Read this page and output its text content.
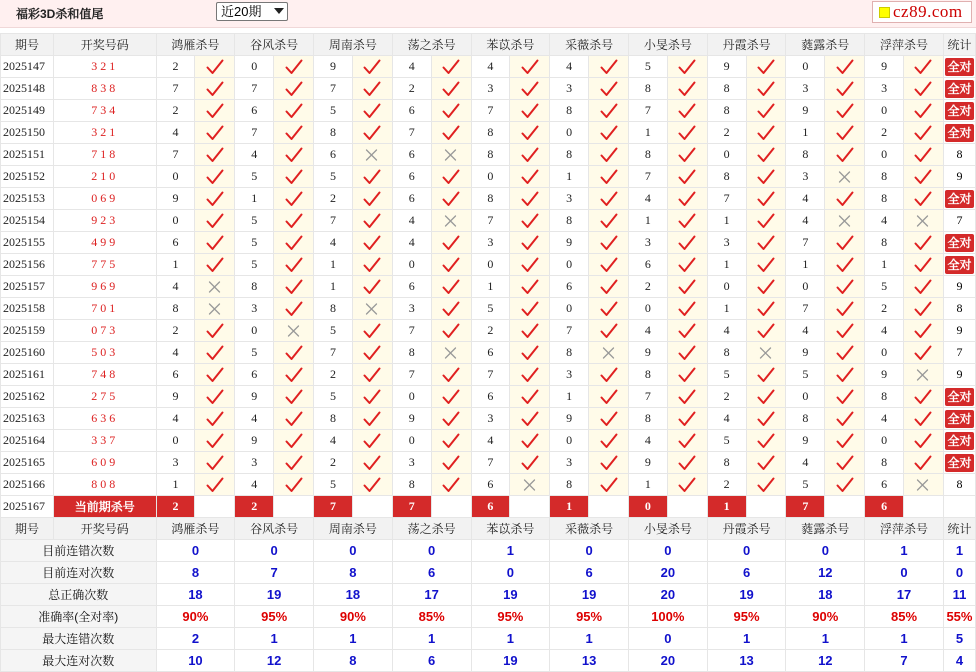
福彩3D杀和值尾	近20期	cz89.com
期号	开奖号码	鸿雁杀号		谷风杀号		周南杀号		荡之杀号		苯苡杀号		采薇杀号		小旻杀号		丹霞杀号		蕤露杀号		浮萍杀号		统计
2025147	321	2		0		9		4		4		4		5		9		0		9		全对
2025148	838	7		7		7		2		3		3		8		8		3		3		全对
2025149	734	2		6		5		6		7		8		7		8		9		0		全对
2025150	321	4		7		8		7		8		0		1		2		1		2		全对
2025151	718	7		4		6		6		8		8		8		0		8		0		8
2025152	210	0		5		5		6		0		1		7		8		3		8		9
2025153	069	9		1		2		6		8		3		4		7		4		8		全对
2025154	923	0		5		7		4		7		8		1		1		4		4		7
2025155	499	6		5		4		4		3		9		3		3		7		8		全对
2025156	775	1		5		1		0		0		0		6		1		1		1		全对
2025157	969	4		8		1		6		1		6		2		0		0		5		9
2025158	701	8		3		8		3		5		0		0		1		7		2		8
2025159	073	2		0		5		7		2		7		4		4		4		4		9
2025160	503	4		5		7		8		6		8		9		8		9		0		7
2025161	748	6		6		2		7		7		3		8		5		5		9		9
2025162	275	9		9		5		0		6		1		7		2		0		8		全对
2025163	636	4		4		8		9		3		9		8		4		8		4		全对
2025164	337	0		9		4		0		4		0		4		5		9		0		全对
2025165	609	3		3		2		3		7		3		9		8		4		8		全对
2025166	808	1		4		5		8		6		8		1		2		5		6		8
2025167	当前期杀号	2		2		7		7		6		1		0		1		7		6		
期号	开奖号码	鸿雁杀号		谷风杀号		周南杀号		荡之杀号		苯苡杀号		采薇杀号		小旻杀号		丹霞杀号		蕤露杀号		浮萍杀号		统计
目前连错次数		0		0		0		0		1		0		0		0		0		1		1
目前连对次数		8		7		8		6		0		6		20		6		12		0		0
总正确次数		18		19		18		17		19		19		20		19		18		17		11
准确率(全对率)		90%		95%		90%		85%		95%		95%		100%		95%		90%		85%		55%
最大连错次数		2		1		1		1		1		1		0		1		1		1		5
最大连对次数		10		12		8		6		19		13		20		13		12		7		4
